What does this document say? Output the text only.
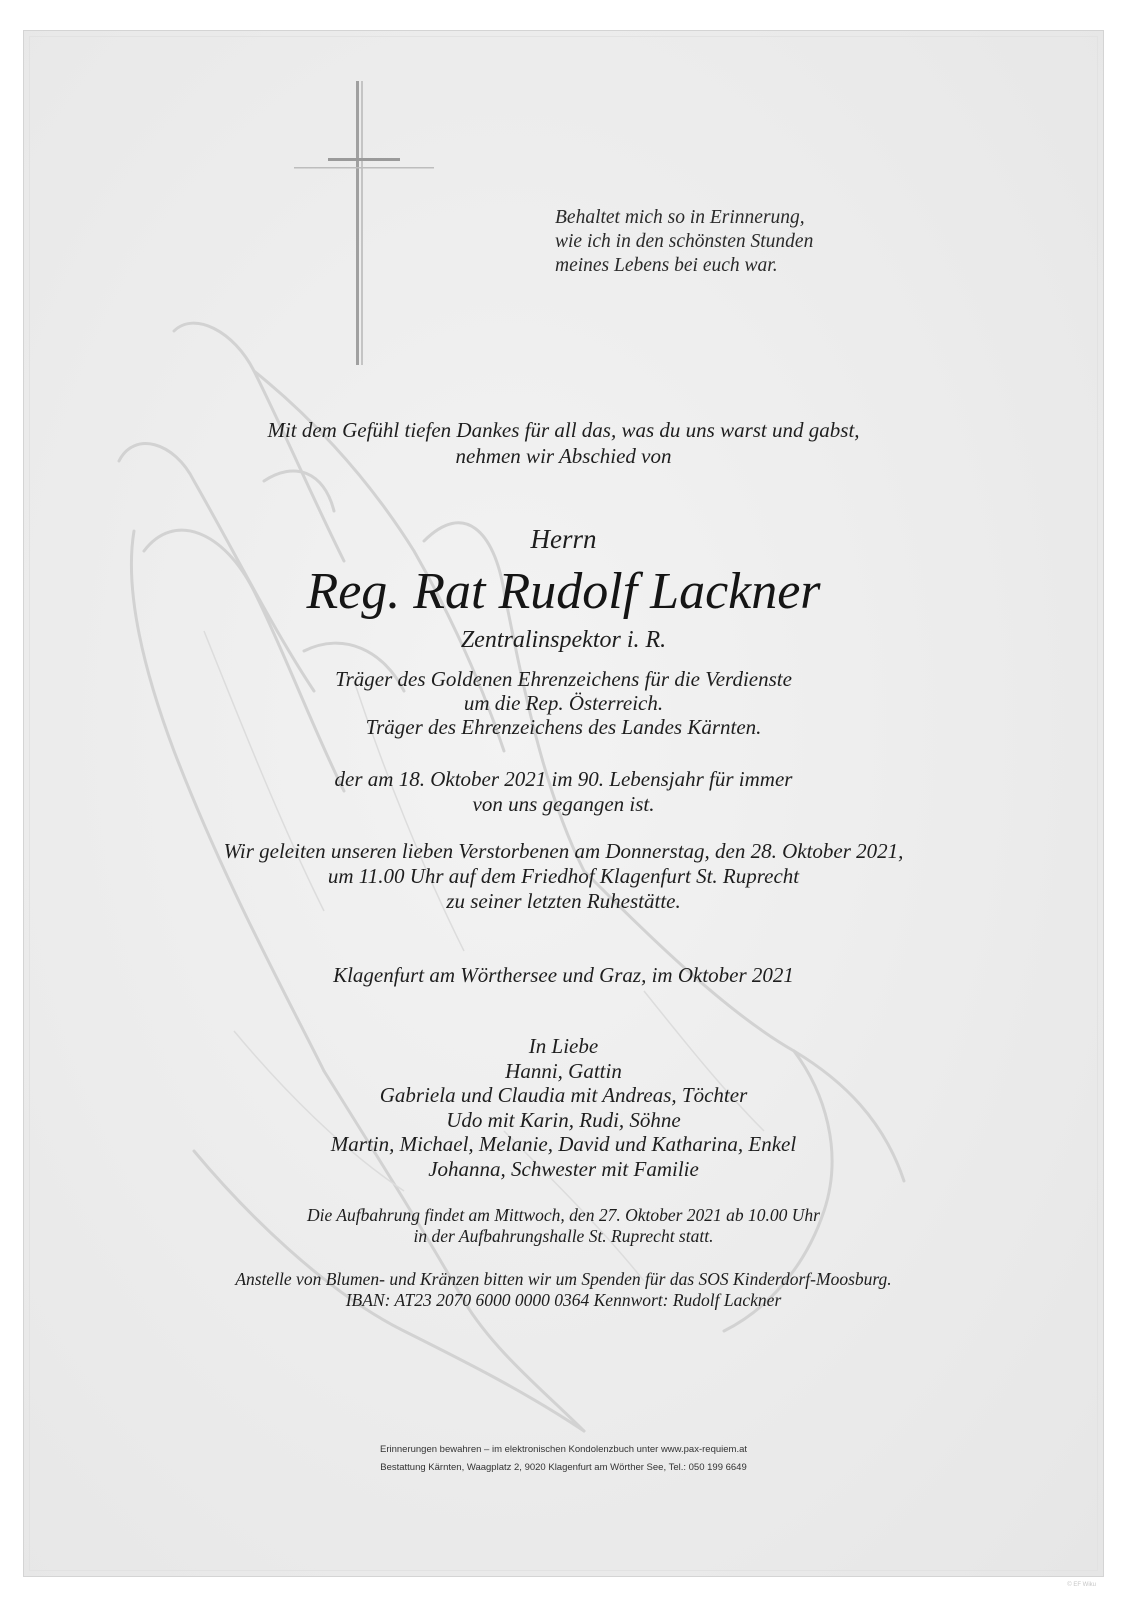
Behaltet mich so in Erinnerung,
wie ich in den schönsten Stunden
meines Lebens bei euch war.
Mit dem Gefühl tiefen Dankes für all das, was du uns warst und gabst,
nehmen wir Abschied von
Herrn
Reg. Rat Rudolf Lackner
Zentralinspektor i. R.
Träger des Goldenen Ehrenzeichens für die Verdienste
um die Rep. Österreich.
Träger des Ehrenzeichens des Landes Kärnten.
der am 18. Oktober 2021 im 90. Lebensjahr für immer
von uns gegangen ist.
Wir geleiten unseren lieben Verstorbenen am Donnerstag, den 28. Oktober 2021,
um 11.00 Uhr auf dem Friedhof Klagenfurt St. Ruprecht
zu seiner letzten Ruhestätte.
Klagenfurt am Wörthersee und Graz, im Oktober 2021
In Liebe
Hanni, Gattin
Gabriela und Claudia mit Andreas, Töchter
Udo mit Karin, Rudi, Söhne
Martin, Michael, Melanie, David und Katharina, Enkel
Johanna, Schwester mit Familie
Die Aufbahrung findet am Mittwoch, den 27. Oktober 2021 ab 10.00 Uhr
in der Aufbahrungshalle St. Ruprecht statt.
Anstelle von Blumen- und Kränzen bitten wir um Spenden für das SOS Kinderdorf-Moosburg.
IBAN: AT23 2070 6000 0000 0364 Kennwort: Rudolf Lackner
Erinnerungen bewahren – im elektronischen Kondolenzbuch unter www.pax-requiem.at
Bestattung Kärnten, Waagplatz 2, 9020 Klagenfurt am Wörther See, Tel.: 050 199 6649
© EF Wiku
